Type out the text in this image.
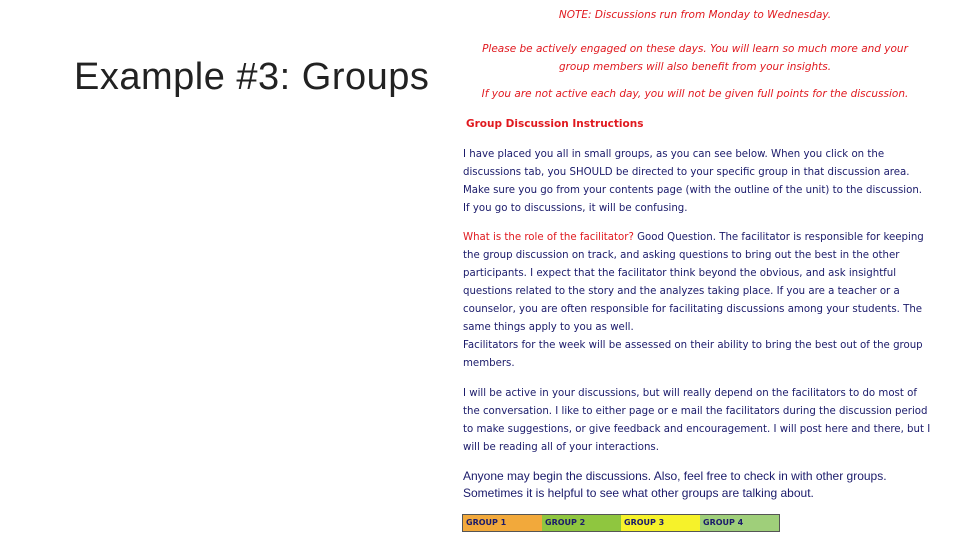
Example #3: Groups
NOTE: Discussions run from Monday to Wednesday.
Please be actively engaged on these days. You will learn so much more and your group members will also benefit from your insights.
If you are not active each day, you will not be given full points for the discussion.
Group Discussion Instructions
I have placed you all in small groups, as you can see below. When you click on the discussions tab, you SHOULD be directed to your specific group in that discussion area. Make sure you go from your contents page (with the outline of the unit) to the discussion. If you go to discussions, it will be confusing.
What is the role of the facilitator? Good Question. The facilitator is responsible for keeping the group discussion on track, and asking questions to bring out the best in the other participants. I expect that the facilitator think beyond the obvious, and ask insightful questions related to the story and the analyzes taking place. If you are a teacher or a counselor, you are often responsible for facilitating discussions among your students. The same things apply to you as well.
Facilitators for the week will be assessed on their ability to bring the best out of the group members.
I will be active in your discussions, but will really depend on the facilitators to do most of the conversation. I like to either page or e mail the facilitators during the discussion period to make suggestions, or give feedback and encouragement. I will post here and there, but I will be reading all of your interactions.
Anyone may begin the discussions. Also, feel free to check in with other groups. Sometimes it is helpful to see what other groups are talking about.
GROUP 1	GROUP 2	GROUP 3	GROUP 4
